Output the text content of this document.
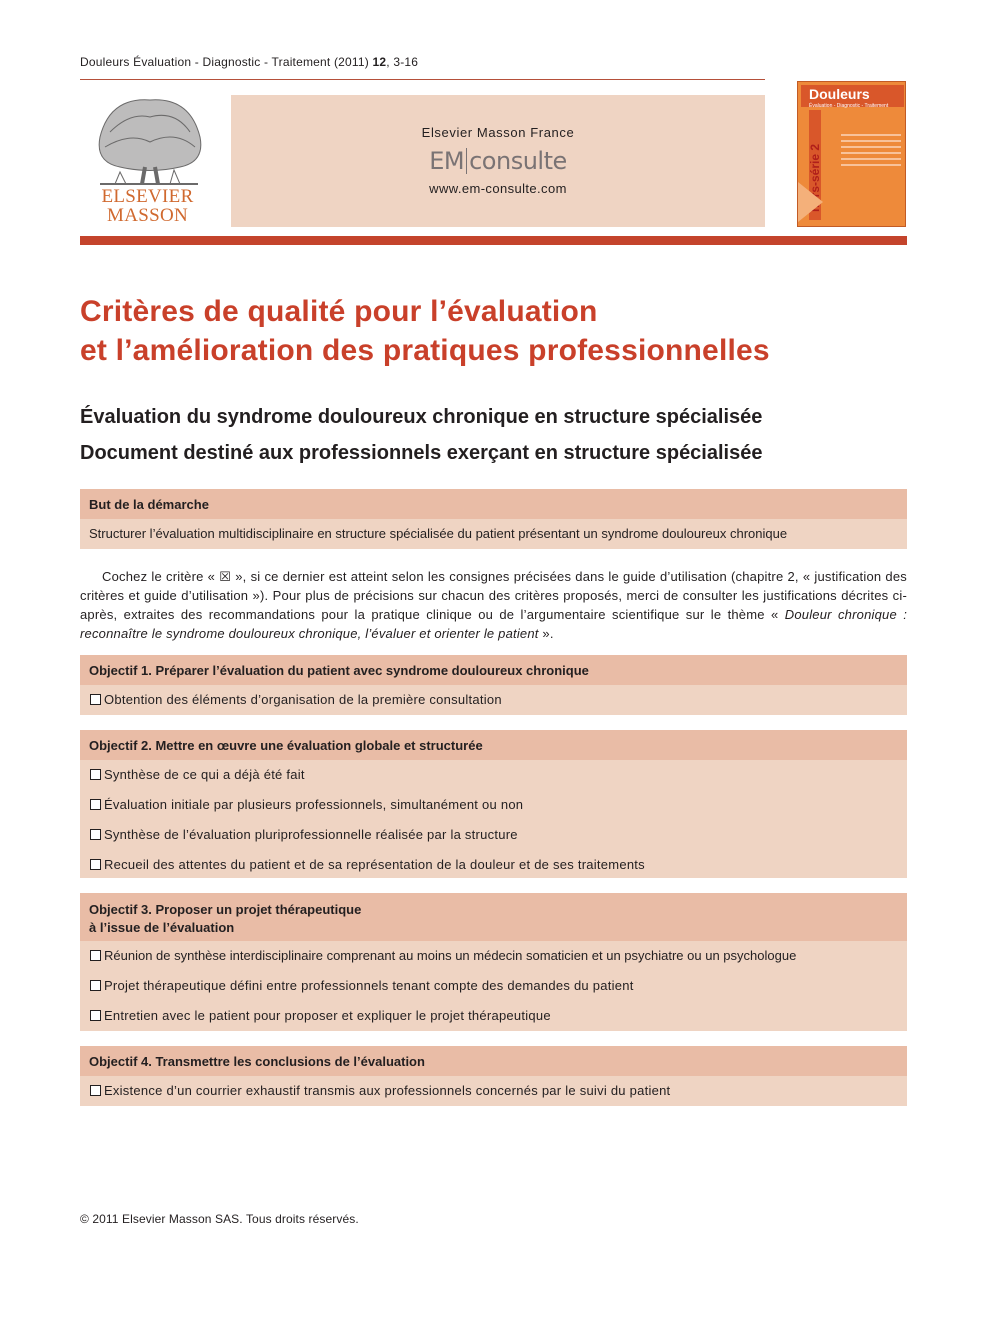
Douleurs Évaluation - Diagnostic - Traitement (2011) 12, 3-16
ELSEVIER
MASSON
Elsevier Masson France
EM consulte
www.em-consulte.com
Douleurs
Évaluation - Diagnostic - Traitement
hors-série 2
Critères de qualité pour l’évaluation
et l’amélioration des pratiques professionnelles
Évaluation du syndrome douloureux chronique en structure spécialisée
Document destiné aux professionnels exerçant en structure spécialisée
But de la démarche
Structurer l’évaluation multidisciplinaire en structure spécialisée du patient présentant un syndrome douloureux chronique
Cochez le critère « ☒ », si ce dernier est atteint selon les consignes précisées dans le guide d’utilisation (chapitre 2, « justification des critères et guide d’utilisation »). Pour plus de précisions sur chacun des critères proposés, merci de consulter les justifications décrites ci-après, extraites des recommandations pour la pratique clinique ou de l’argumentaire scientifique sur le thème « Douleur chronique : reconnaître le syndrome douloureux chronique, l’évaluer et orienter le patient ».
Objectif 1. Préparer l’évaluation du patient avec syndrome douloureux chronique
Obtention des éléments d’organisation de la première consultation
Objectif 2. Mettre en œuvre une évaluation globale et structurée
Synthèse de ce qui a déjà été fait
Évaluation initiale par plusieurs professionnels, simultanément ou non
Synthèse de l’évaluation pluriprofessionnelle réalisée par la structure
Recueil des attentes du patient et de sa représentation de la douleur et de ses traitements
Objectif 3. Proposer un projet thérapeutique
à l’issue de l’évaluation
Réunion de synthèse interdisciplinaire comprenant au moins un médecin somaticien et un psychiatre ou un psychologue
Projet thérapeutique défini entre professionnels tenant compte des demandes du patient
Entretien avec le patient pour proposer et expliquer le projet thérapeutique
Objectif 4. Transmettre les conclusions de l’évaluation
Existence d’un courrier exhaustif transmis aux professionnels concernés par le suivi du patient
© 2011 Elsevier Masson SAS. Tous droits réservés.
